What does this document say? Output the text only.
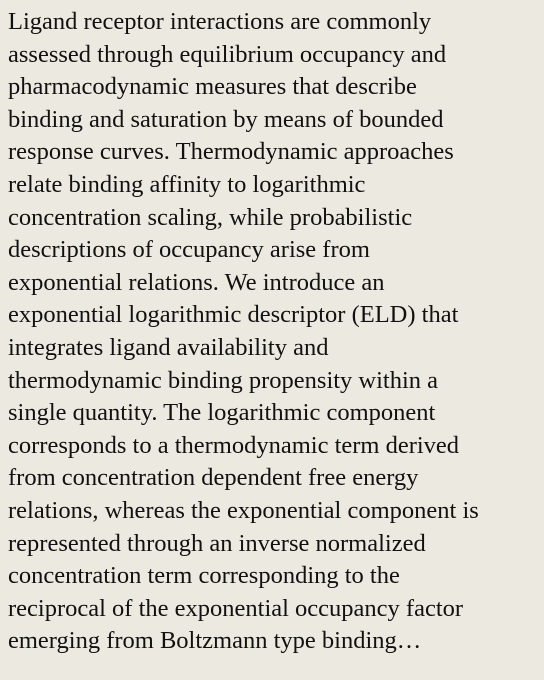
Ligand receptor interactions are commonly
assessed through equilibrium occupancy and
pharmacodynamic measures that describe
binding and saturation by means of bounded
response curves. Thermodynamic approaches
relate binding affinity to logarithmic
concentration scaling, while probabilistic
descriptions of occupancy arise from
exponential relations. We introduce an
exponential logarithmic descriptor (ELD) that
integrates ligand availability and
thermodynamic binding propensity within a
single quantity. The logarithmic component
corresponds to a thermodynamic term derived
from concentration dependent free energy
relations, whereas the exponential component is
represented through an inverse normalized
concentration term corresponding to the
reciprocal of the exponential occupancy factor
emerging from Boltzmann type binding…
